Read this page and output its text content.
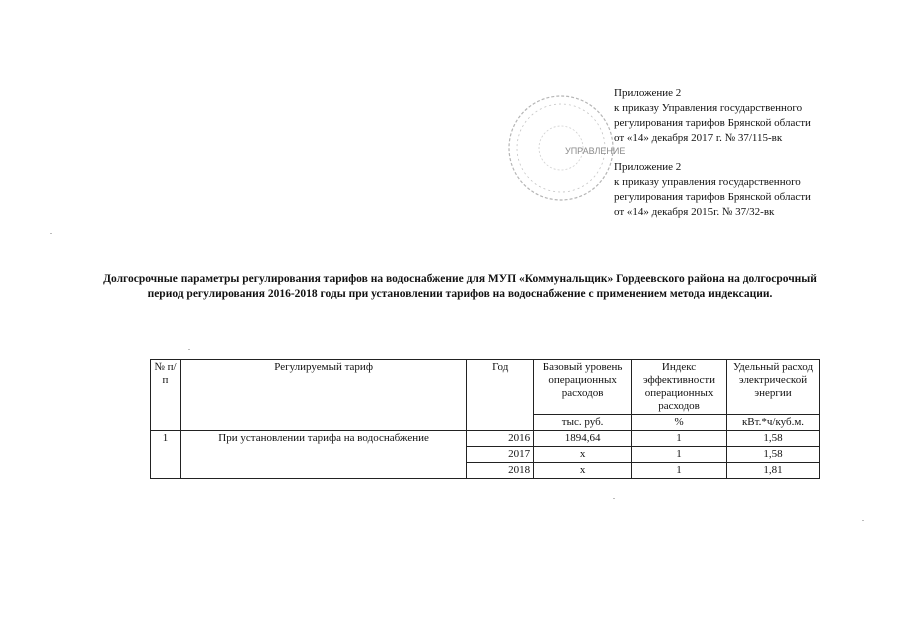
УПРАВЛЕНИЕ
Приложение 2
к приказу Управления государственного
регулирования тарифов Брянской области
от «14» декабря 2017 г. № 37/115-вк
Приложение 2
к приказу управления государственного
регулирования тарифов Брянской области
от «14» декабря 2015г. № 37/32-вк
Долгосрочные параметры регулирования тарифов на водоснабжение для МУП «Коммунальщик» Гордеевского района на долгосрочный период регулирования 2016-2018 годы при установлении тарифов на водоснабжение с применением метода индексации.
№ п/п	Регулируемый тариф	Год	Базовый уровень операционных расходов	Индекс эффективности операционных расходов	Удельный расход электрической энергии
			тыс. руб.	%	кВт.*ч/куб.м.
1	При установлении тарифа на водоснабжение	2016	1894,64	1	1,58
		2017	х	1	1,58
		2018	х	1	1,81
